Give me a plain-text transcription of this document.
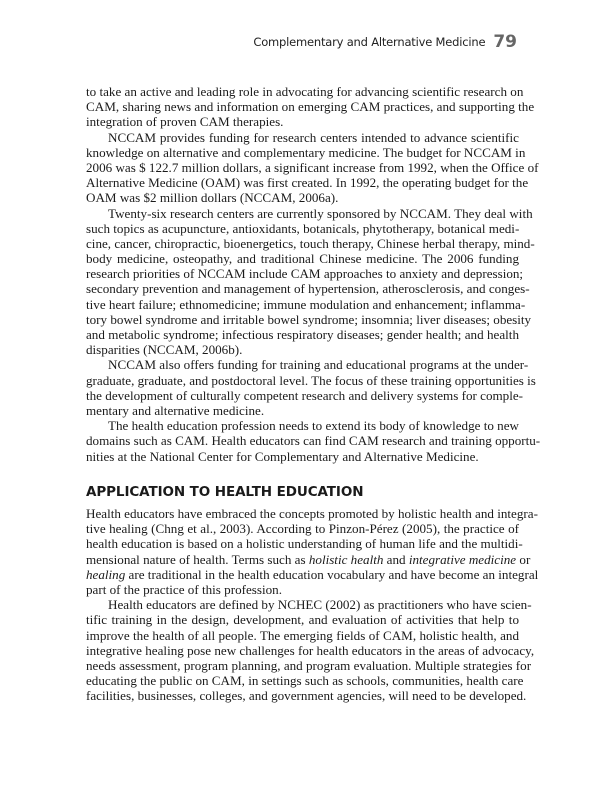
Complementary and Alternative Medicine 79
to take an active and leading role in advocating for advancing scientific research on
CAM, sharing news and information on emerging CAM practices, and supporting the
integration of proven CAM therapies.
NCCAM provides funding for research centers intended to advance scientific
knowledge on alternative and complementary medicine. The budget for NCCAM in
2006 was $ 122.7 million dollars, a significant increase from 1992, when the Office of
Alternative Medicine (OAM) was first created. In 1992, the operating budget for the
OAM was $2 million dollars (NCCAM, 2006a).
Twenty-six research centers are currently sponsored by NCCAM. They deal with
such topics as acupuncture, antioxidants, botanicals, phytotherapy, botanical medi-
cine, cancer, chiropractic, bioenergetics, touch therapy, Chinese herbal therapy, mind-
body medicine, osteopathy, and traditional Chinese medicine. The 2006 funding
research priorities of NCCAM include CAM approaches to anxiety and depression;
secondary prevention and management of hypertension, atherosclerosis, and conges-
tive heart failure; ethnomedicine; immune modulation and enhancement; inflamma-
tory bowel syndrome and irritable bowel syndrome; insomnia; liver diseases; obesity
and metabolic syndrome; infectious respiratory diseases; gender health; and health
disparities (NCCAM, 2006b).
NCCAM also offers funding for training and educational programs at the under-
graduate, graduate, and postdoctoral level. The focus of these training opportunities is
the development of culturally competent research and delivery systems for comple-
mentary and alternative medicine.
The health education profession needs to extend its body of knowledge to new
domains such as CAM. Health educators can find CAM research and training opportu-
nities at the National Center for Complementary and Alternative Medicine.
APPLICATION TO HEALTH EDUCATION
Health educators have embraced the concepts promoted by holistic health and integra-
tive healing (Chng et al., 2003). According to Pinzon-Pérez (2005), the practice of
health education is based on a holistic understanding of human life and the multidi-
mensional nature of health. Terms such as holistic health and integrative medicine or
healing are traditional in the health education vocabulary and have become an integral
part of the practice of this profession.
Health educators are defined by NCHEC (2002) as practitioners who have scien-
tific training in the design, development, and evaluation of activities that help to
improve the health of all people. The emerging fields of CAM, holistic health, and
integrative healing pose new challenges for health educators in the areas of advocacy,
needs assessment, program planning, and program evaluation. Multiple strategies for
educating the public on CAM, in settings such as schools, communities, health care
facilities, businesses, colleges, and government agencies, will need to be developed.
